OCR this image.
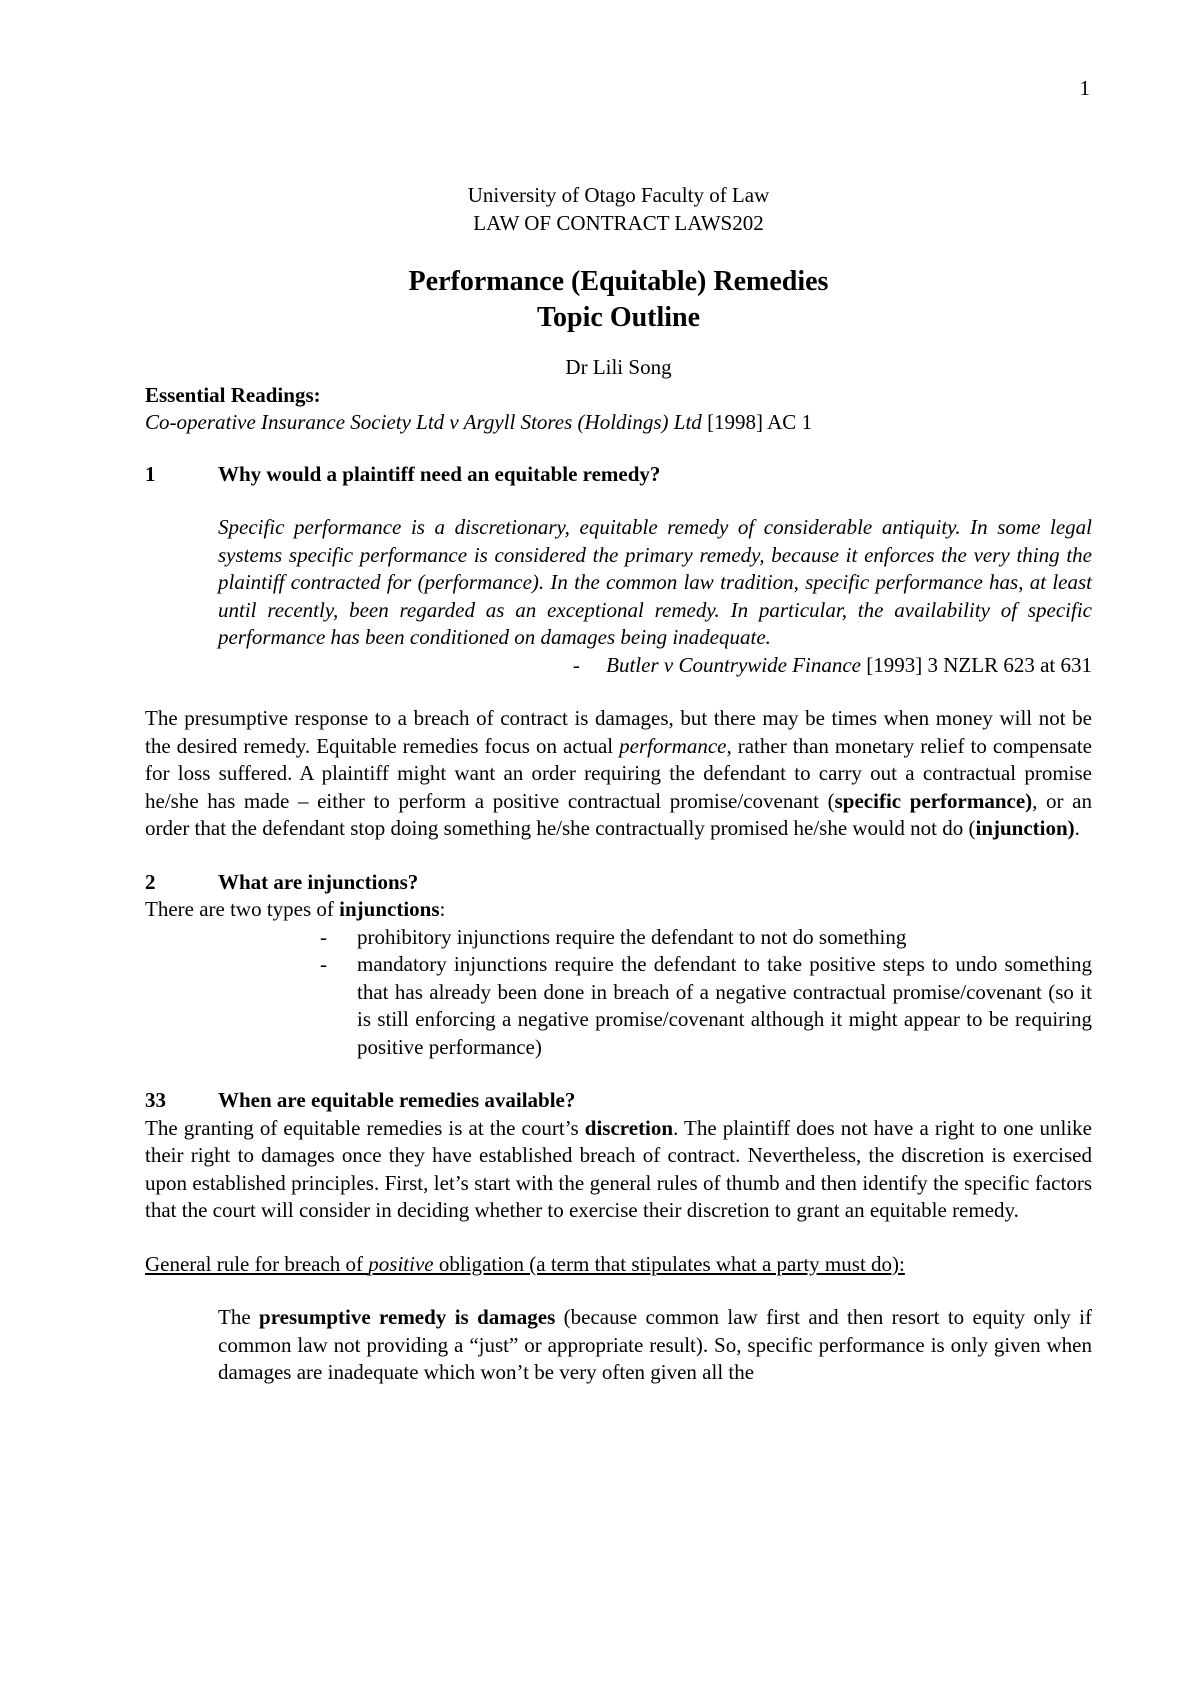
1
University of Otago Faculty of Law
LAW OF CONTRACT LAWS202
Performance (Equitable) Remedies
Topic Outline
Dr Lili Song
Essential Readings:
Co-operative Insurance Society Ltd v Argyll Stores (Holdings) Ltd [1998] AC 1
1	Why would a plaintiff need an equitable remedy?
Specific performance is a discretionary, equitable remedy of considerable antiquity. In some legal systems specific performance is considered the primary remedy, because it enforces the very thing the plaintiff contracted for (performance). In the common law tradition, specific performance has, at least until recently, been regarded as an exceptional remedy. In particular, the availability of specific performance has been conditioned on damages being inadequate.
- Butler v Countrywide Finance [1993] 3 NZLR 623 at 631
The presumptive response to a breach of contract is damages, but there may be times when money will not be the desired remedy. Equitable remedies focus on actual performance, rather than monetary relief to compensate for loss suffered. A plaintiff might want an order requiring the defendant to carry out a contractual promise he/she has made – either to perform a positive contractual promise/covenant (specific performance), or an order that the defendant stop doing something he/she contractually promised he/she would not do (injunction).
2	What are injunctions?
There are two types of injunctions:
-	prohibitory injunctions require the defendant to not do something
-	mandatory injunctions require the defendant to take positive steps to undo something that has already been done in breach of a negative contractual promise/covenant (so it is still enforcing a negative promise/covenant although it might appear to be requiring positive performance)
33	When are equitable remedies available?
The granting of equitable remedies is at the court’s discretion. The plaintiff does not have a right to one unlike their right to damages once they have established breach of contract. Nevertheless, the discretion is exercised upon established principles. First, let’s start with the general rules of thumb and then identify the specific factors that the court will consider in deciding whether to exercise their discretion to grant an equitable remedy.
General rule for breach of positive obligation (a term that stipulates what a party must do):
The presumptive remedy is damages (because common law first and then resort to equity only if common law not providing a “just” or appropriate result). So, specific performance is only given when damages are inadequate which won’t be very often given all the
